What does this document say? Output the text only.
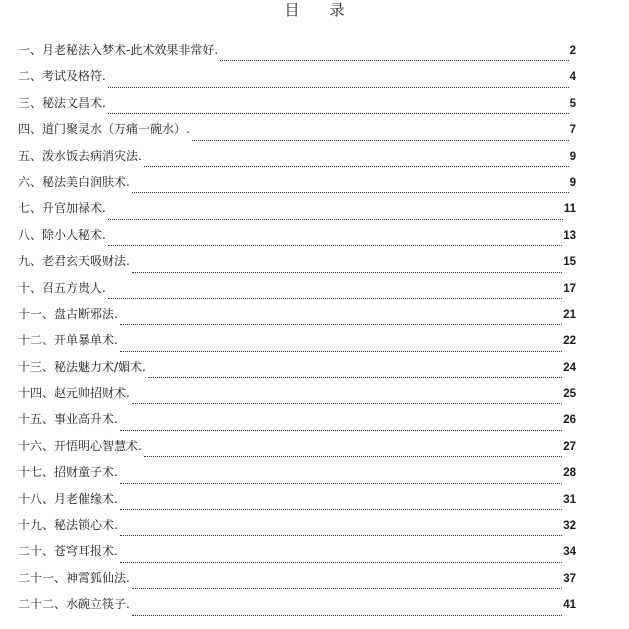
目录
一、月老秘法入梦术-此术效果非常好.	2
二、考试及格符.	4
三、秘法文昌术.	5
四、道门聚灵水（万痛一碗水）.	7
五、泼水饭去病消灾法.	9
六、秘法美白润肤术.	9
七、升官加禄术.	11
八、除小人秘术.	13
九、老君玄天吸财法.	15
十、召五方贵人.	17
十一、盘古断邪法.	21
十二、开单暴单术.	22
十三、秘法魅力术/媚术.	24
十四、赵元帅招财术.	25
十五、事业高升术.	26
十六、开悟明心智慧术.	27
十七、招财童子术.	28
十八、月老催缘术.	31
十九、秘法锁心术.	32
二十、苍穹耳报术.	34
二十一、神霄狐仙法.	37
二十二、水碗立筷子.	41
